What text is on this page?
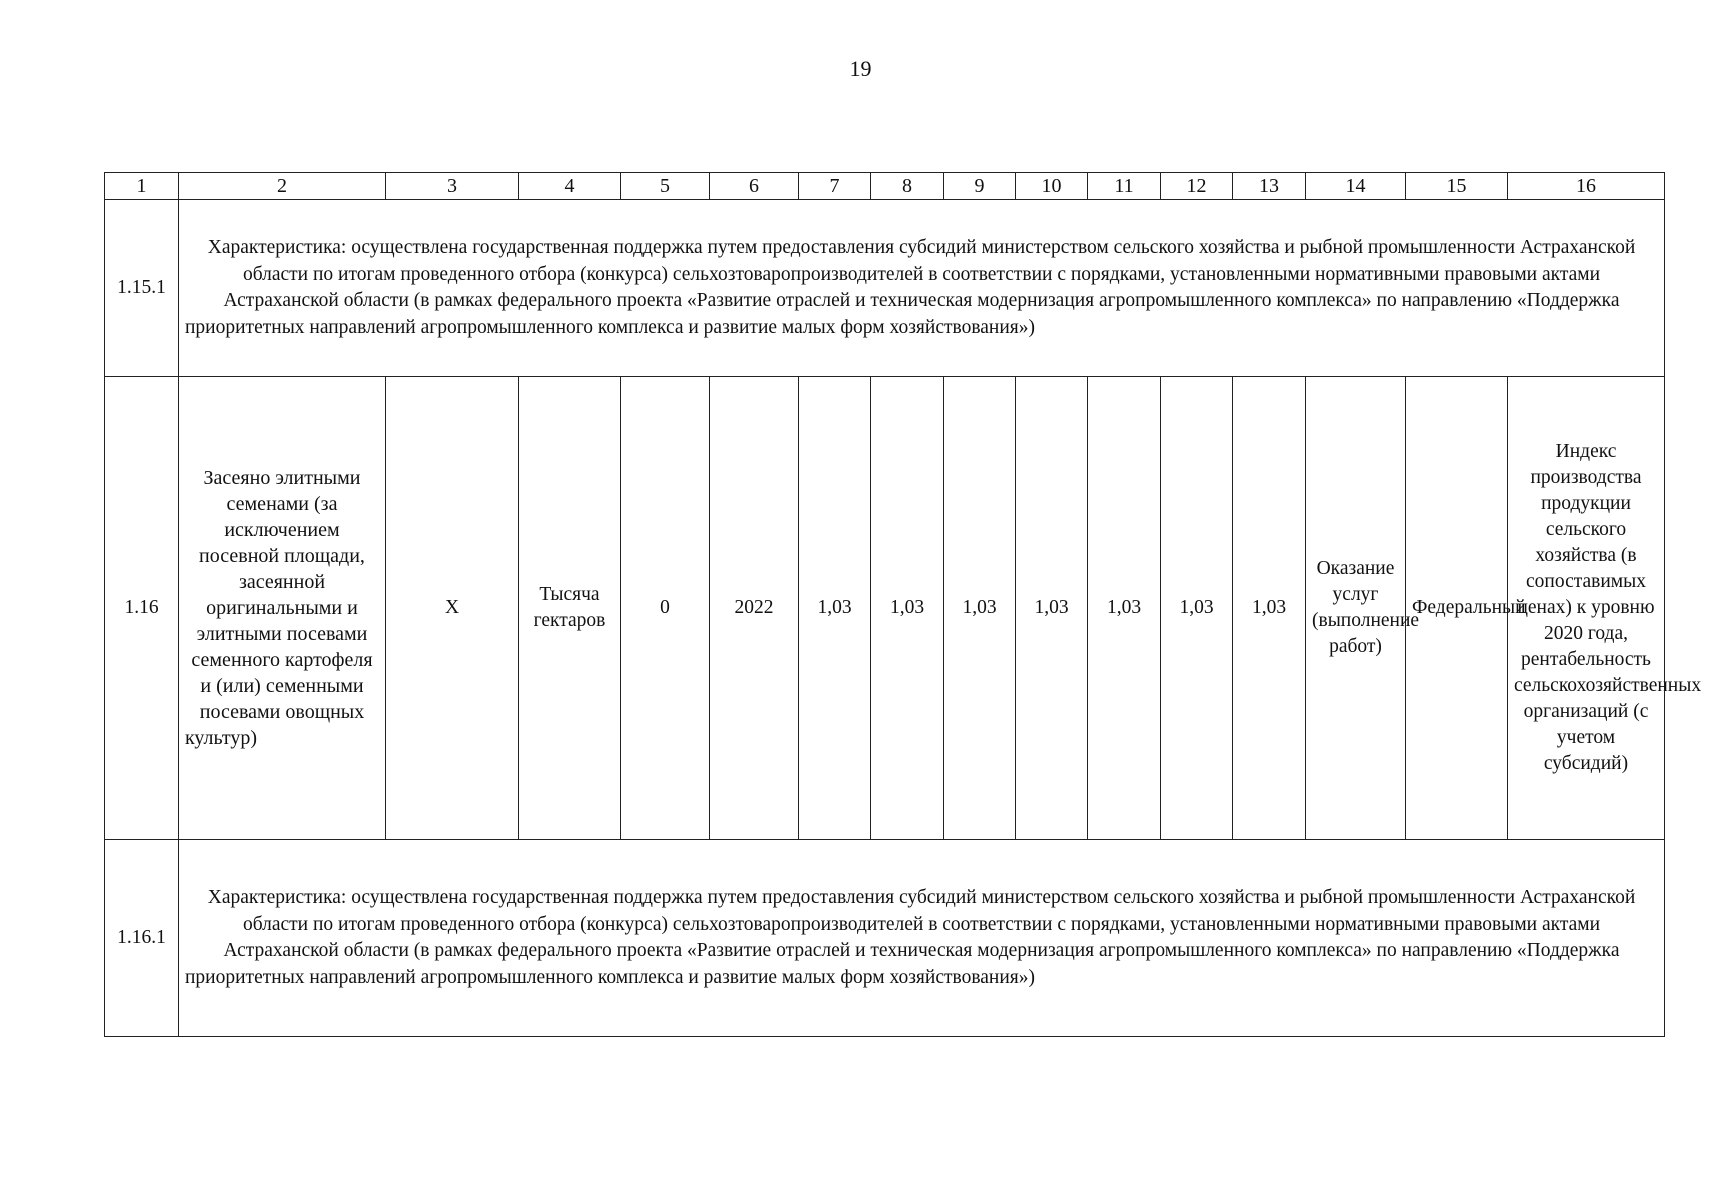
19
1	2	3	4	5	6	7	8	9	10	11	12	13	14	15	16
1.15.1	Характеристика: осуществлена государственная поддержка путем предоставления субсидий министерством сельского хозяйства и рыбной промышленности Астраханской области по итогам проведенного отбора (конкурса) сельхозтоваропроизводителей в соответствии с порядками, установленными нормативными правовыми актами Астраханской области (в рамках федерального проекта «Развитие отраслей и техническая модернизация агропромышленного комплекса» по направлению «Поддержка приоритетных направлений агропромышленного комплекса и развитие малых форм хозяйствования»)														
1.16	Засеяно элитными семенами (за исключением посевной площади, засеянной оригинальными и элитными посевами семенного картофеля и (или) семенными посевами овощных культур)	X	Тысяча гектаров	0	2022	1,03	1,03	1,03	1,03	1,03	1,03	1,03	Оказание услуг (выполнение работ)	Федеральный	Индекс производства продукции сельского хозяйства (в сопоставимых ценах) к уровню 2020 года, рентабельность сельскохозяйственных организаций (с учетом субсидий)
1.16.1	Характеристика: осуществлена государственная поддержка путем предоставления субсидий министерством сельского хозяйства и рыбной промышленности Астраханской области по итогам проведенного отбора (конкурса) сельхозтоваропроизводителей в соответствии с порядками, установленными нормативными правовыми актами Астраханской области (в рамках федерального проекта «Развитие отраслей и техническая модернизация агропромышленного комплекса» по направлению «Поддержка приоритетных направлений агропромышленного комплекса и развитие малых форм хозяйствования»)														
